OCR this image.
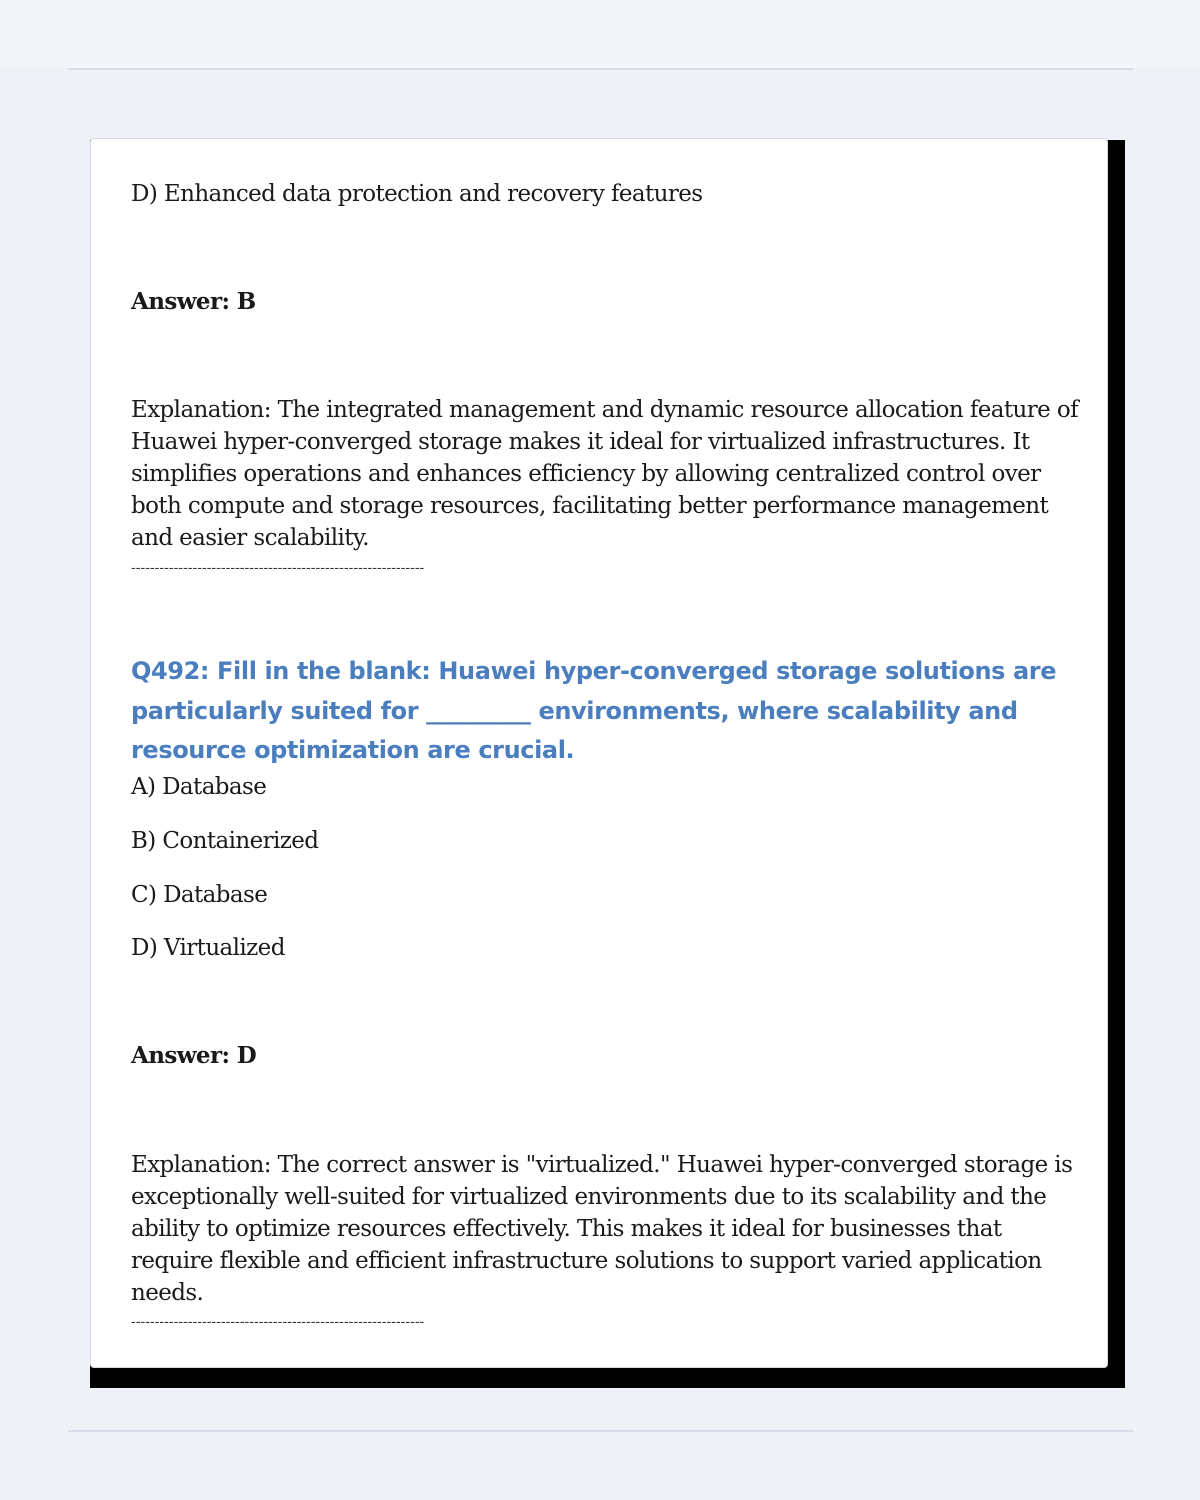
D) Enhanced data protection and recovery features
Answer: B
Explanation: The integrated management and dynamic resource allocation feature of Huawei hyper-converged storage makes it ideal for virtualized infrastructures. It simplifies operations and enhances efficiency by allowing centralized control over both compute and storage resources, facilitating better performance management and easier scalability.
--------------------------------------------------------------
Q492: Fill in the blank: Huawei hyper-converged storage solutions are particularly suited for _________ environments, where scalability and resource optimization are crucial.
A) Database
B) Containerized
C) Database
D) Virtualized
Answer: D
Explanation: The correct answer is "virtualized." Huawei hyper-converged storage is exceptionally well-suited for virtualized environments due to its scalability and the ability to optimize resources effectively. This makes it ideal for businesses that require flexible and efficient infrastructure solutions to support varied application needs.
--------------------------------------------------------------
